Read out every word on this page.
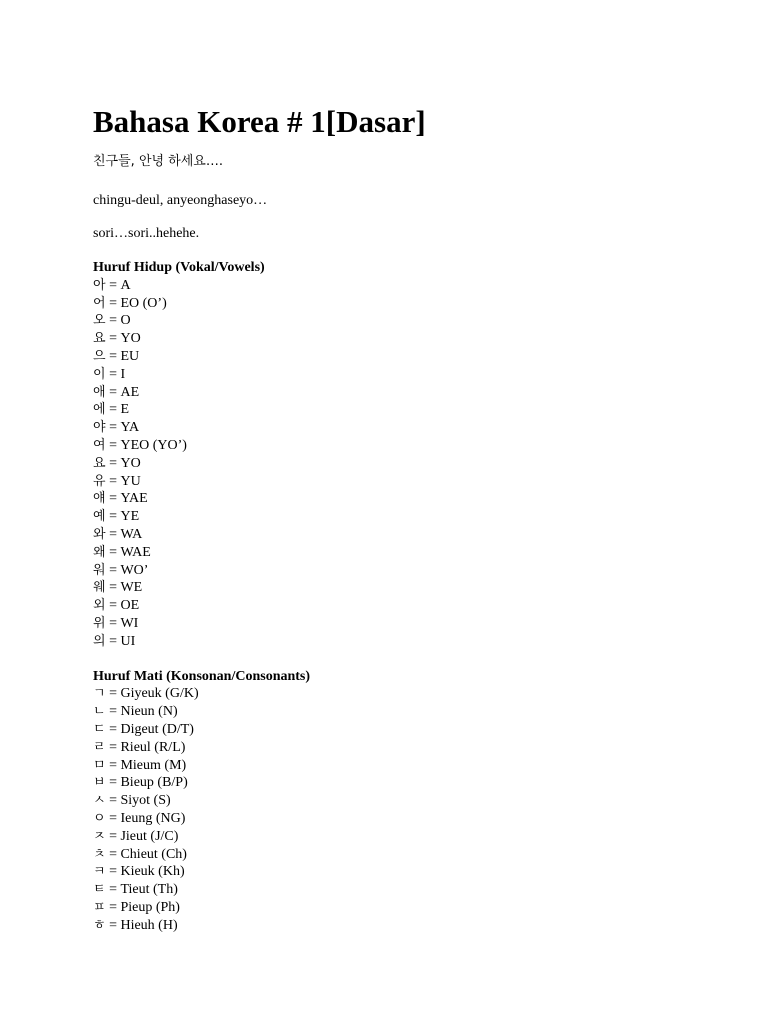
Bahasa Korea # 1[Dasar]

친구들, 안녕 하세요….

chingu-deul, anyeonghaseyo…

sori…sori..hehehe.

Huruf Hidup (Vokal/Vowels)
아 = A
어 = EO (O’)
오 = O
요 = YO
으 = EU
이 = I
애 = AE
에 = E
야 = YA
여 = YEO (YO’)
요 = YO
유 = YU
얘 = YAE
예 = YE
와 = WA
왜 = WAE
워 = WO’
웨 = WE
외 = OE
위 = WI
의 = UI
Huruf Mati (Konsonan/Consonants)
ㄱ = Giyeuk (G/K)
ㄴ = Nieun (N)
ㄷ = Digeut (D/T)
ㄹ = Rieul (R/L)
ㅁ = Mieum (M)
ㅂ = Bieup (B/P)
ㅅ = Siyot (S)
ㅇ = Ieung (NG)
ㅈ = Jieut (J/C)
ㅊ = Chieut (Ch)
ㅋ = Kieuk (Kh)
ㅌ = Tieut (Th)
ㅍ = Pieup (Ph)
ㅎ = Hieuh (H)
